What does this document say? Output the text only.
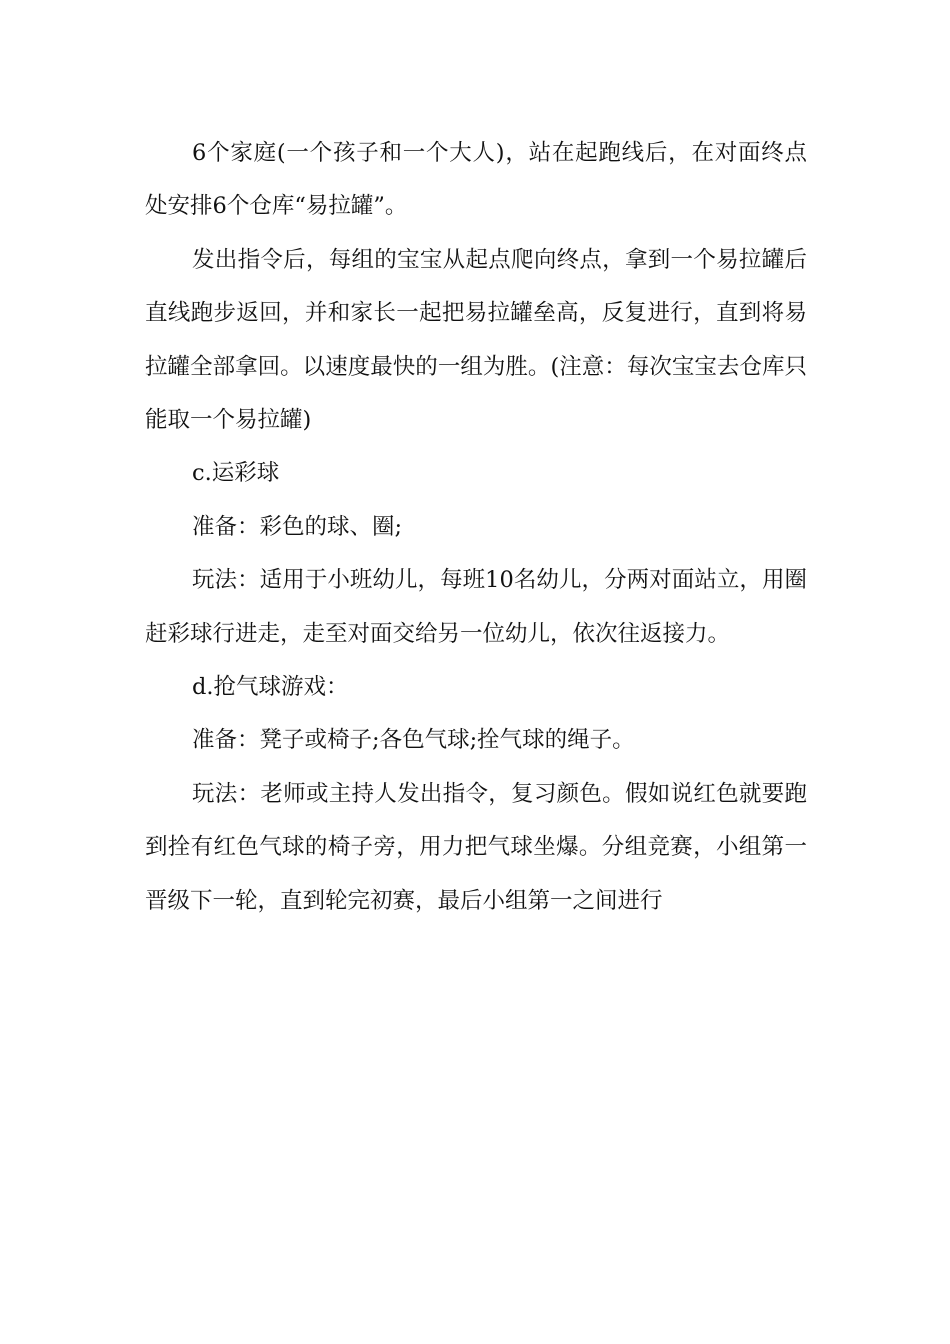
6个家庭(一个孩子和一个大人)，站在起跑线后，在对面终点处安排6个仓库“易拉罐”。

发出指令后，每组的宝宝从起点爬向终点，拿到一个易拉罐后直线跑步返回，并和家长一起把易拉罐垒高，反复进行，直到将易拉罐全部拿回。以速度最快的一组为胜。(注意：每次宝宝去仓库只能取一个易拉罐)

c.运彩球

准备：彩色的球、圈;

玩法：适用于小班幼儿，每班10名幼儿，分两对面站立，用圈赶彩球行进走，走至对面交给另一位幼儿，依次往返接力。

d.抢气球游戏：

准备：凳子或椅子;各色气球;拴气球的绳子。

玩法：老师或主持人发出指令，复习颜色。假如说红色就要跑到拴有红色气球的椅子旁，用力把气球坐爆。分组竞赛，小组第一晋级下一轮，直到轮完初赛，最后小组第一之间进行
